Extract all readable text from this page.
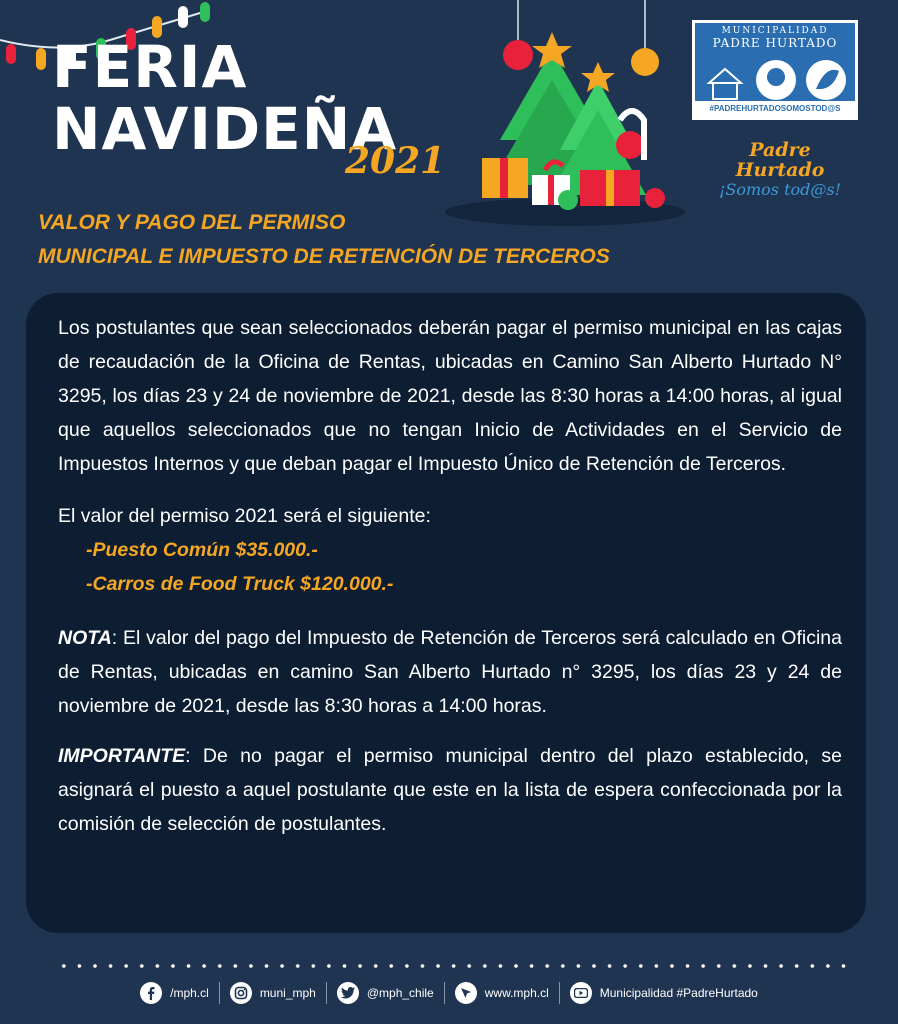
FERIA
NAVIDEÑA
2021
MUNICIPALIDAD
PADRE HURTADO
#PADREHURTADOSOMOSTOD@S
Padre
Hurtado
¡Somos tod@s!
VALOR Y PAGO DEL PERMISO
MUNICIPAL E IMPUESTO DE RETENCIÓN DE TERCEROS

Los postulantes que sean seleccionados deberán pagar el permiso municipal en las cajas de recaudación de la Oficina de Rentas, ubicadas en Camino San Alberto Hurtado N° 3295, los días 23 y 24 de noviembre de 2021, desde las 8:30 horas a 14:00 horas, al igual que aquellos seleccionados que no tengan Inicio de Actividades en el Servicio de Impuestos Internos y que deban pagar el Impuesto Único de Retención de Terceros.

El valor del permiso 2021 será el siguiente:

-Puesto Común $35.000.-
-Carros de Food Truck $120.000.-

NOTA: El valor del pago del Impuesto de Retención de Terceros será calculado en Oficina de Rentas, ubicadas en camino San Alberto Hurtado n° 3295, los días 23 y 24 de noviembre de 2021, desde las 8:30 horas a 14:00 horas.

IMPORTANTE: De no pagar el permiso municipal dentro del plazo establecido, se asignará el puesto a aquel postulante que este en la lista de espera confeccionada por la comisión de selección de postulantes.

/mph.cl	muni_mph	@mph_chile	www.mph.cl	Municipalidad #PadreHurtado
